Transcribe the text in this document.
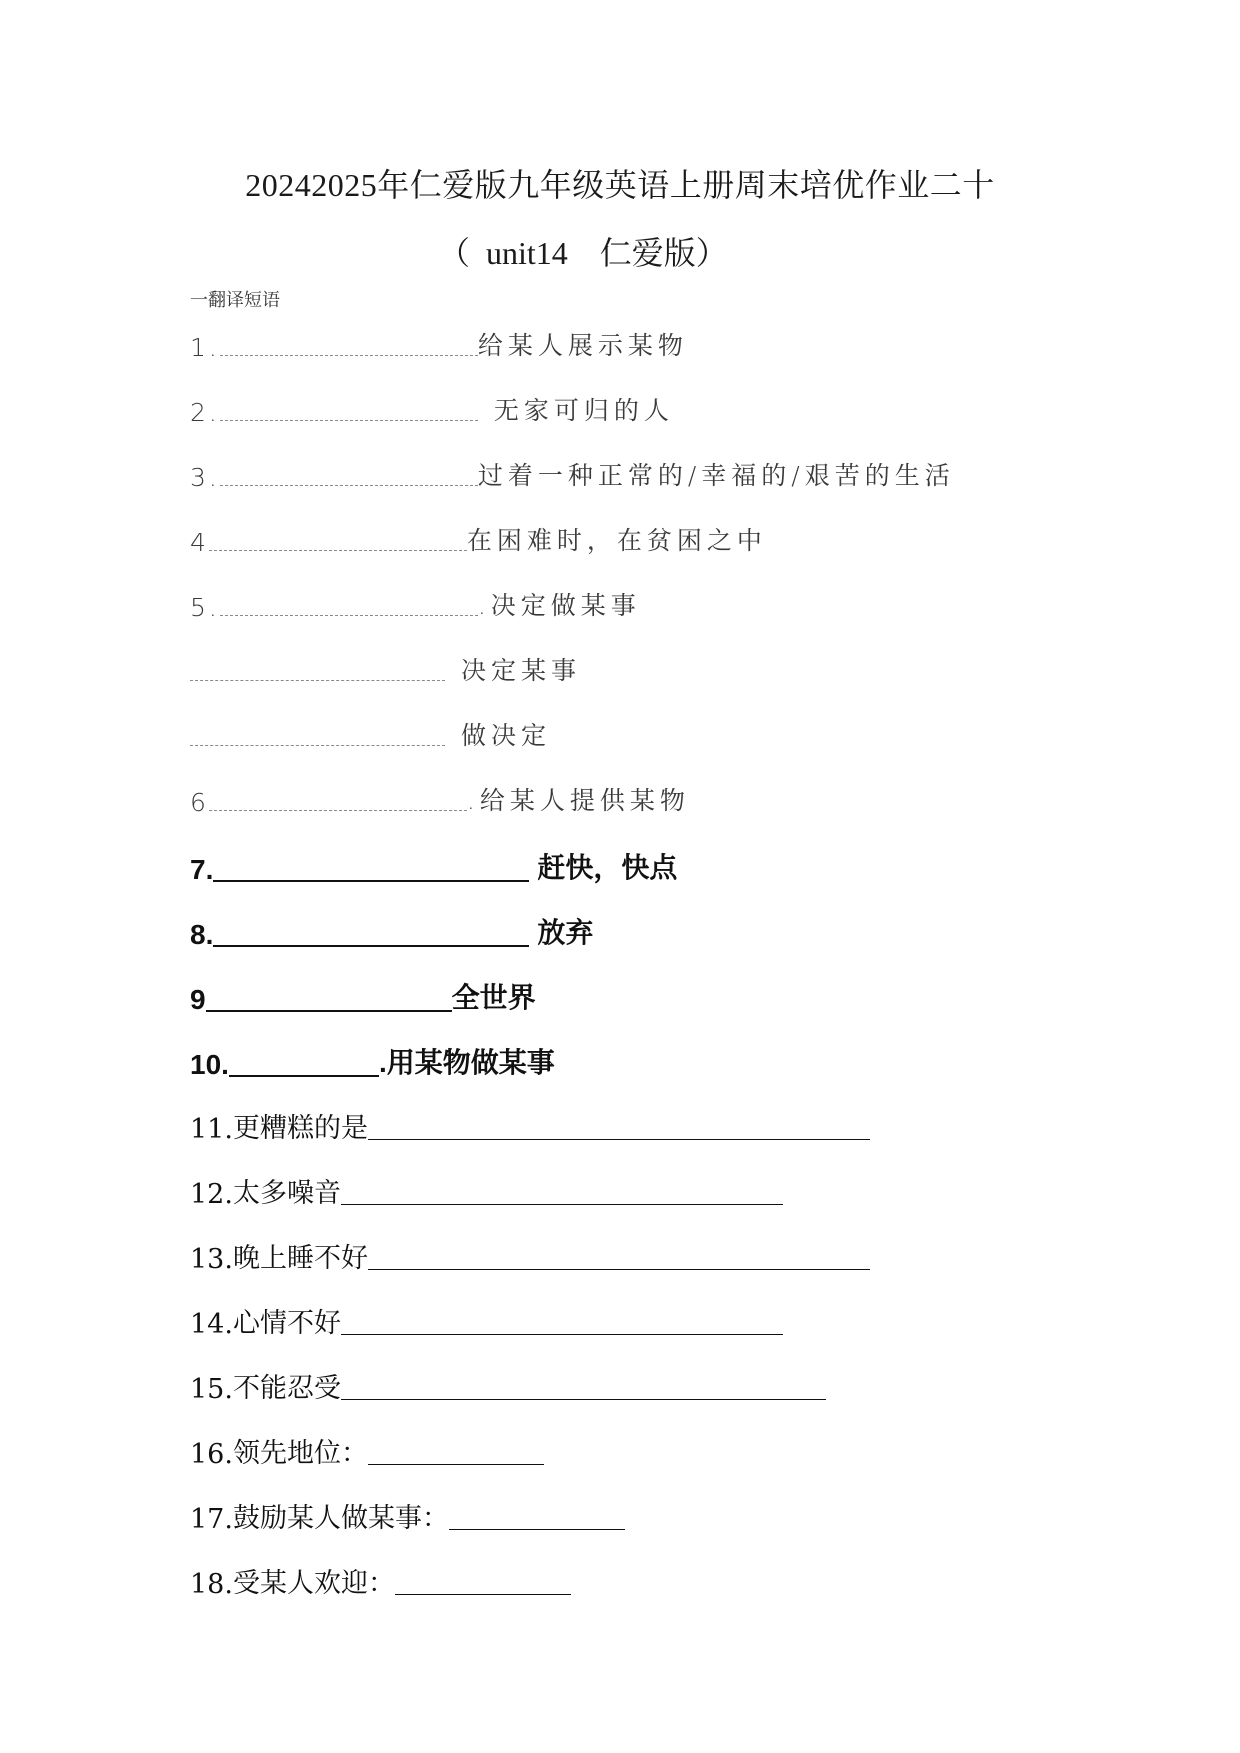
20242025年仁爱版九年级英语上册周末培优作业二十
（  unit14    仁爱版）
一翻译短语
1.	给某人展示某物
2.	无家可归的人
3.	过着一种正常的/幸福的/艰苦的生活
4	在困难时，在贫困之中
5.	.决定做某事
决定某事
做决定
6	.给某人提供某物
7.	赶快，快点
8.	放弃
9	全世界
10.	.用某物做某事
11. 更糟糕的是
12. 太多噪音
13. 晚上睡不好
14. 心情不好
15. 不能忍受
16. 领先地位：
17. 鼓励某人做某事：
18. 受某人欢迎：
